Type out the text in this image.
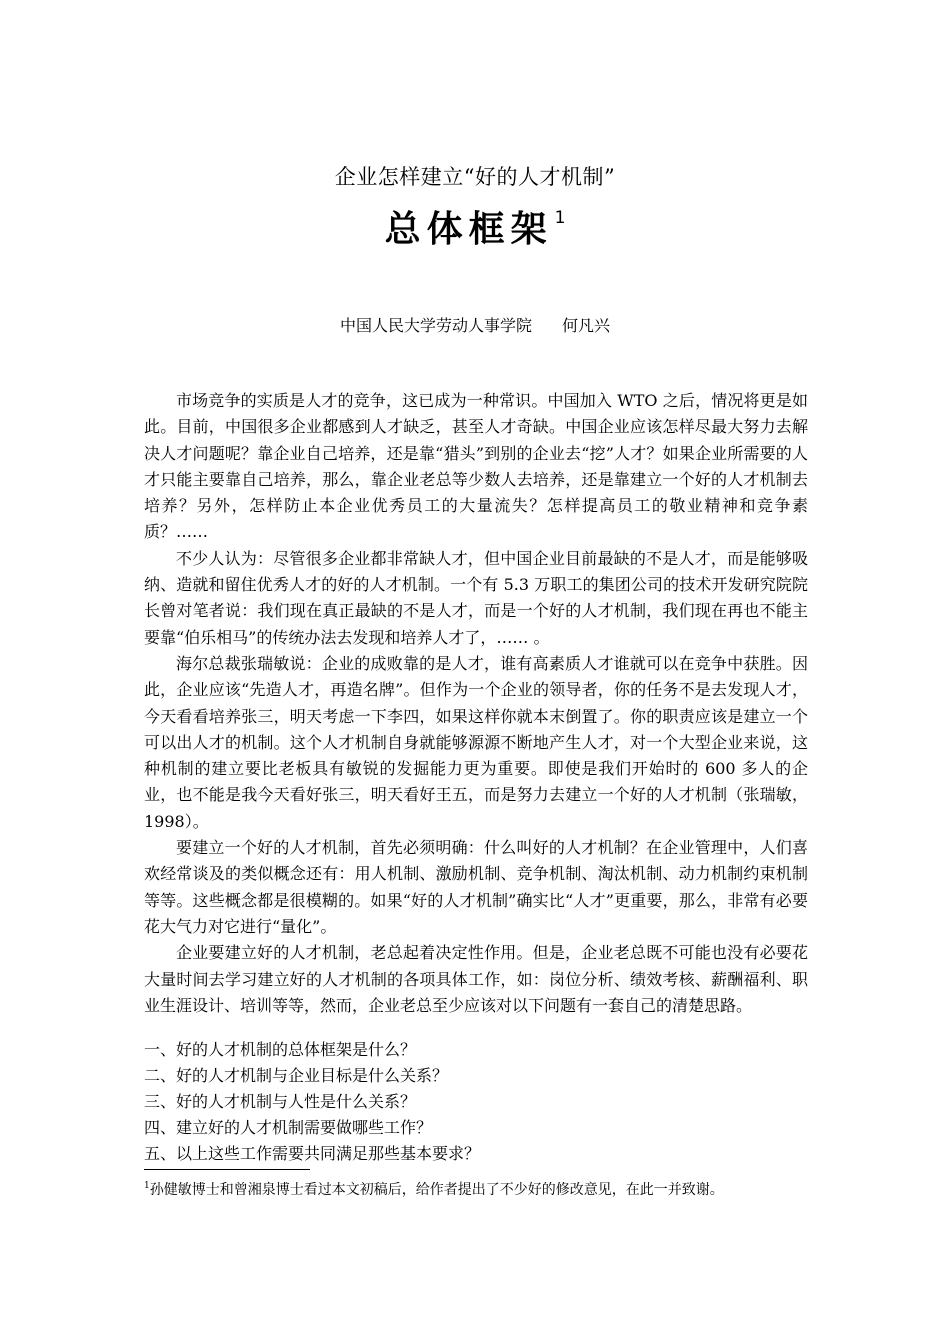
企业怎样建立“好的人才机制”
总体框架 $^1$
中国人民大学劳动人事学院 何凡兴

市场竞争的实质是人才的竞争，这已成为一种常识。中国加入 WTO 之后，情况将更是如此。目前，中国很多企业都感到人才缺乏，甚至人才奇缺。中国企业应该怎样尽最大努力去解决人才问题呢？靠企业自己培养，还是靠“猎头”到别的企业去“挖”人才？如果企业所需要的人才只能主要靠自己培养，那么，靠企业老总等少数人去培养，还是靠建立一个好的人才机制去培养？另外，怎样防止本企业优秀员工的大量流失？怎样提高员工的敬业精神和竞争素质？……

不少人认为：尽管很多企业都非常缺人才，但中国企业目前最缺的不是人才，而是能够吸纳、造就和留住优秀人才的好的人才机制。一个有 5.3 万职工的集团公司的技术开发研究院院长曾对笔者说：我们现在真正最缺的不是人才，而是一个好的人才机制，我们现在再也不能主要靠“伯乐相马”的传统办法去发现和培养人才了，…… 。

海尔总裁张瑞敏说：企业的成败靠的是人才，谁有高素质人才谁就可以在竞争中获胜。因此，企业应该“先造人才，再造名牌”。但作为一个企业的领导者，你的任务不是去发现人才，今天看看培养张三，明天考虑一下李四，如果这样你就本末倒置了。你的职责应该是建立一个可以出人才的机制。这个人才机制自身就能够源源不断地产生人才，对一个大型企业来说，这种机制的建立要比老板具有敏锐的发掘能力更为重要。即使是我们开始时的 600 多人的企业，也不能是我今天看好张三，明天看好王五，而是努力去建立一个好的人才机制（张瑞敏，1998）。

要建立一个好的人才机制，首先必须明确：什么叫好的人才机制？在企业管理中，人们喜欢经常谈及的类似概念还有：用人机制、激励机制、竞争机制、淘汰机制、动力机制约束机制等等。这些概念都是很模糊的。如果“好的人才机制”确实比“人才”更重要，那么，非常有必要花大气力对它进行“量化”。

企业要建立好的人才机制，老总起着决定性作用。但是，企业老总既不可能也没有必要花大量时间去学习建立好的人才机制的各项具体工作，如：岗位分析、绩效考核、薪酬福利、职业生涯设计、培训等等，然而，企业老总至少应该对以下问题有一套自己的清楚思路。

一、好的人才机制的总体框架是什么？
二、好的人才机制与企业目标是什么关系？
三、好的人才机制与人性是什么关系？
四、建立好的人才机制需要做哪些工作？
五、以上这些工作需要共同满足那些基本要求？
$^1$孙健敏博士和曾湘泉博士看过本文初稿后，给作者提出了不少好的修改意见，在此一并致谢。
